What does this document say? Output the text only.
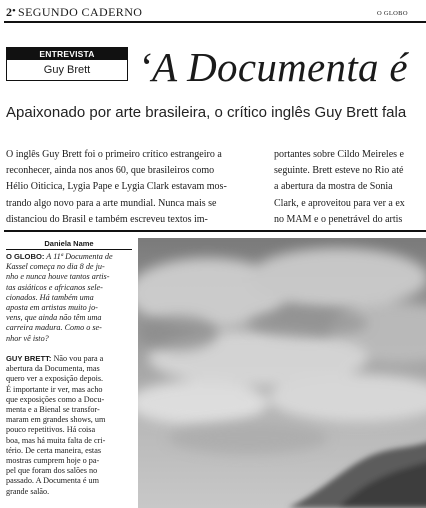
2 • SEGUNDO CADERNO	O GLOBO
ENTREVISTA
Guy Brett	‘A Documenta é
Apaixonado por arte brasileira, o crítico inglês Guy Brett fala
O inglês Guy Brett foi o primeiro crítico estrangeiro a
reconhecer, ainda nos anos 60, que brasileiros como
Hélio Oiticica, Lygia Pape e Lygia Clark estavam mos-
trando algo novo para a arte mundial. Nunca mais se
distanciou do Brasil e também escreveu textos im-
portantes sobre Cildo Meireles e
seguinte. Brett esteve no Rio até
a abertura da mostra de Sonia
Clark, e aproveitou para ver a ex
no MAM e o penetrável do artis
Daniela Name
O GLOBO: A 11ª Documenta de
Kassel começa no dia 8 de ju-
nho e nunca houve tantos artis-
tas asiáticos e africanos sele-
cionados. Há também uma
aposta em artistas muito jo-
vens, que ainda não têm uma
carreira madura. Como o se-
nhor vê isto?
GUY BRETT: Não vou para a
abertura da Documenta, mas
quero ver a exposição depois.
É importante ir ver, mas acho
que exposições como a Docu-
menta e a Bienal se transfor-
maram em grandes shows, um
pouco repetitivos. Há coisa
boa, mas há muita falta de cri-
tério. De certa maneira, estas
mostras cumprem hoje o pa-
pel que foram dos salões no
passado. A Documenta é um
grande salão.
